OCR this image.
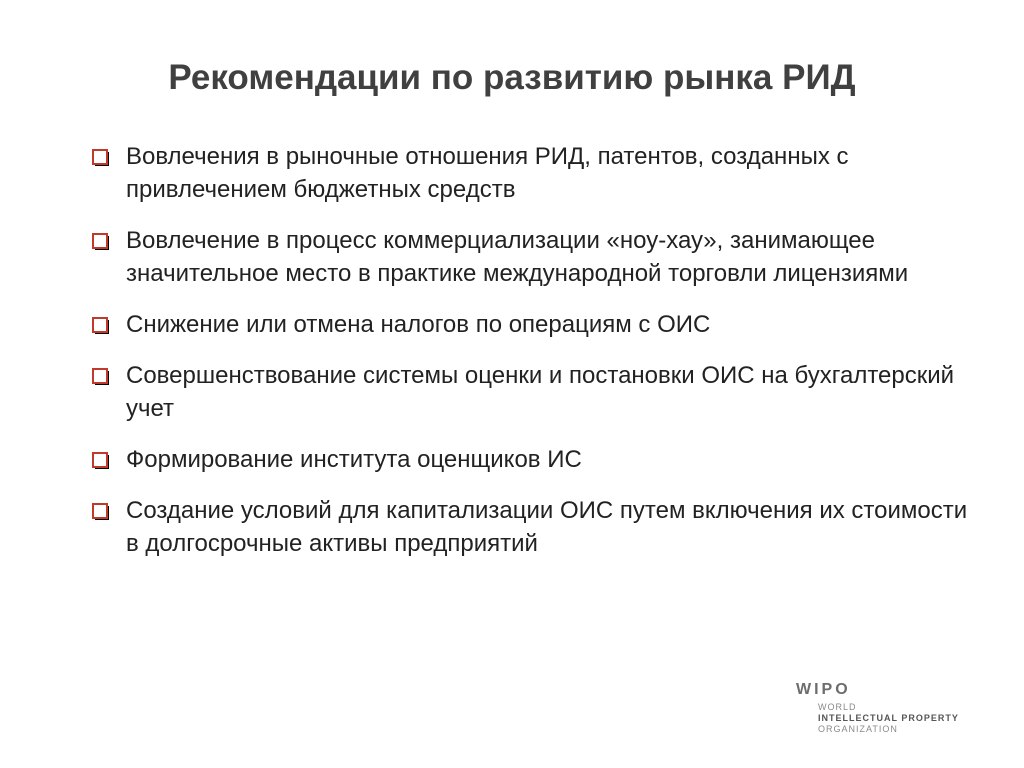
Рекомендации по развитию рынка РИД
Вовлечения в рыночные отношения РИД, патентов, созданных с привлечением бюджетных средств
Вовлечение в процесс коммерциализации «ноу-хау», занимающее значительное место в практике международной торговли лицензиями
Снижение или отмена налогов по операциям с ОИС
Совершенствование системы оценки и постановки ОИС на бухгалтерский учет
Формирование института оценщиков ИС
Создание условий для капитализации ОИС путем включения их стоимости в долгосрочные активы предприятий
WIPO
WORLD
INTELLECTUAL PROPERTY
ORGANIZATION
